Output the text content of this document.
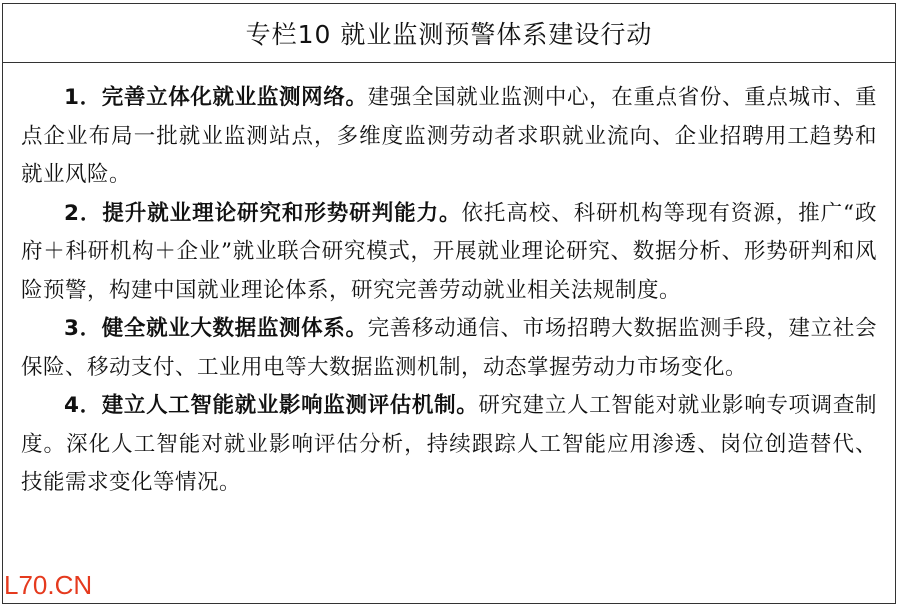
专栏10 就业监测预警体系建设行动

1．完善立体化就业监测网络。建强全国就业监测中心，在重点省份、重点城市、重点企业布局一批就业监测站点，多维度监测劳动者求职就业流向、企业招聘用工趋势和就业风险。

2．提升就业理论研究和形势研判能力。依托高校、科研机构等现有资源，推广“政府＋科研机构＋企业”就业联合研究模式，开展就业理论研究、数据分析、形势研判和风险预警，构建中国就业理论体系，研究完善劳动就业相关法规制度。

3．健全就业大数据监测体系。完善移动通信、市场招聘大数据监测手段，建立社会保险、移动支付、工业用电等大数据监测机制，动态掌握劳动力市场变化。

4．建立人工智能就业影响监测评估机制。研究建立人工智能对就业影响专项调查制度。深化人工智能对就业影响评估分析，持续跟踪人工智能应用渗透、岗位创造替代、技能需求变化等情况。

L70.CN
